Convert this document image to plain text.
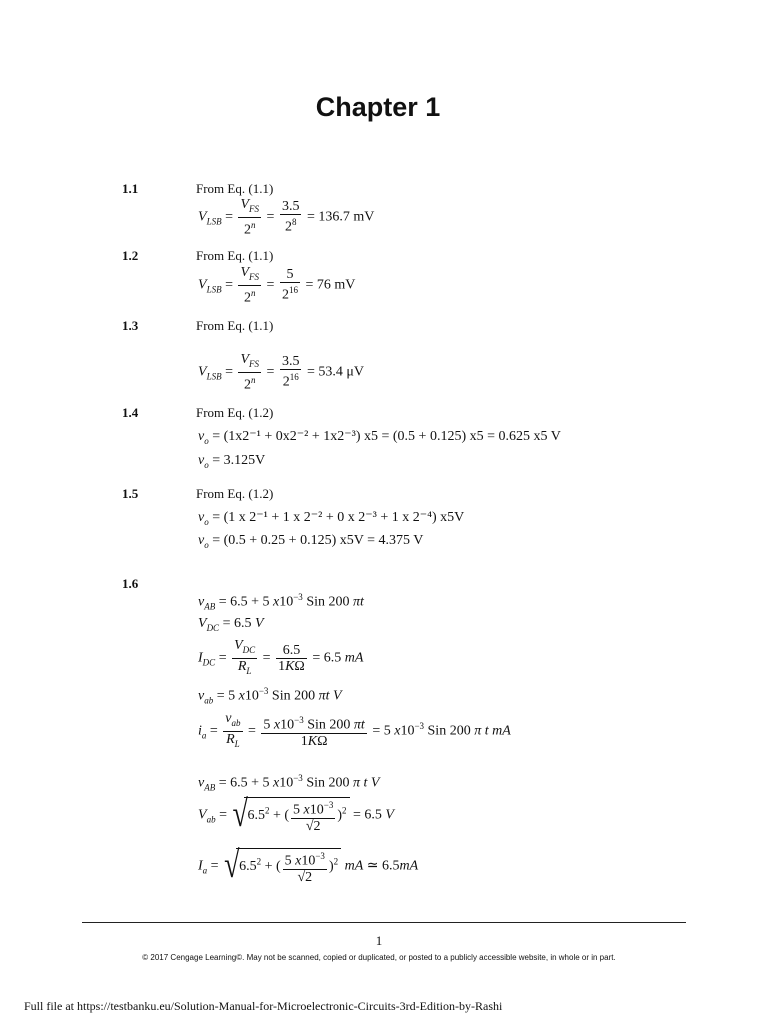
Chapter 1
1.1	From Eq. (1.1)
$V_{LSB} = \frac{V_{FS}}{2^n} = \frac{3.5}{2^8} = 136.7$ mV
1.2	From Eq. (1.1)
$V_{LSB} = \frac{V_{FS}}{2^n} = \frac{5}{2^{16}} = 76$ mV
1.3	From Eq. (1.1)
$V_{LSB} = \frac{V_{FS}}{2^n} = \frac{3.5}{2^{16}} = 53.4$ μV
1.4	From Eq. (1.2)
$v_o = (1x2^{-1} + 0x2^{-2} + 1x2^{-3}) x5 = (0.5 + 0.125) x5 = 0.625$ x5 V
$v_o = 3.125V$
1.5	From Eq. (1.2)
$v_o = (1$ x 2⁻¹ + 1 x 2⁻² + 0 x 2⁻³ + 1 x 2⁻⁴) x5V
$v_o = (0.5 + 0.25 + 0.125) x5V = 4.375$ V
1.6
$v_{AB} = 6.5 + 5$ $x10^{-3}$ Sin 200 πt
$V_{DC} = 6.5$ V
$I_{DC} = \frac{V_{DC}}{R_L} = \frac{6.5}{1K\Omega} = 6.5$ mA
$v_{ab} = 5$ $x10^{-3}$ Sin 200 πt V
$i_a = \frac{v_{ab}}{R_L} = \frac{5 x10^{-3} Sin 200 \pi t}{1K\Omega} = 5$ $x10^{-3}$ Sin 200 π t mA
$v_{AB} = 6.5 + 5$ $x10^{-3}$ Sin 200 π t V
$V_{ab}$ = √ $6.5^2$ + ( $\frac{5 x10^{-3}}{√2} )^2 = 6.5$ V
$I_a$ = √ $6.5^2$ + ( $\frac{5 x10^{-3}}{√2} )^2$ mA ≃ 6.5mA
1
© 2017 Cengage Learning©. May not be scanned, copied or duplicated, or posted to a publicly accessible website, in whole or in part.
Full file at https://testbanku.eu/Solution-Manual-for-Microelectronic-Circuits-3rd-Edition-by-Rashi
